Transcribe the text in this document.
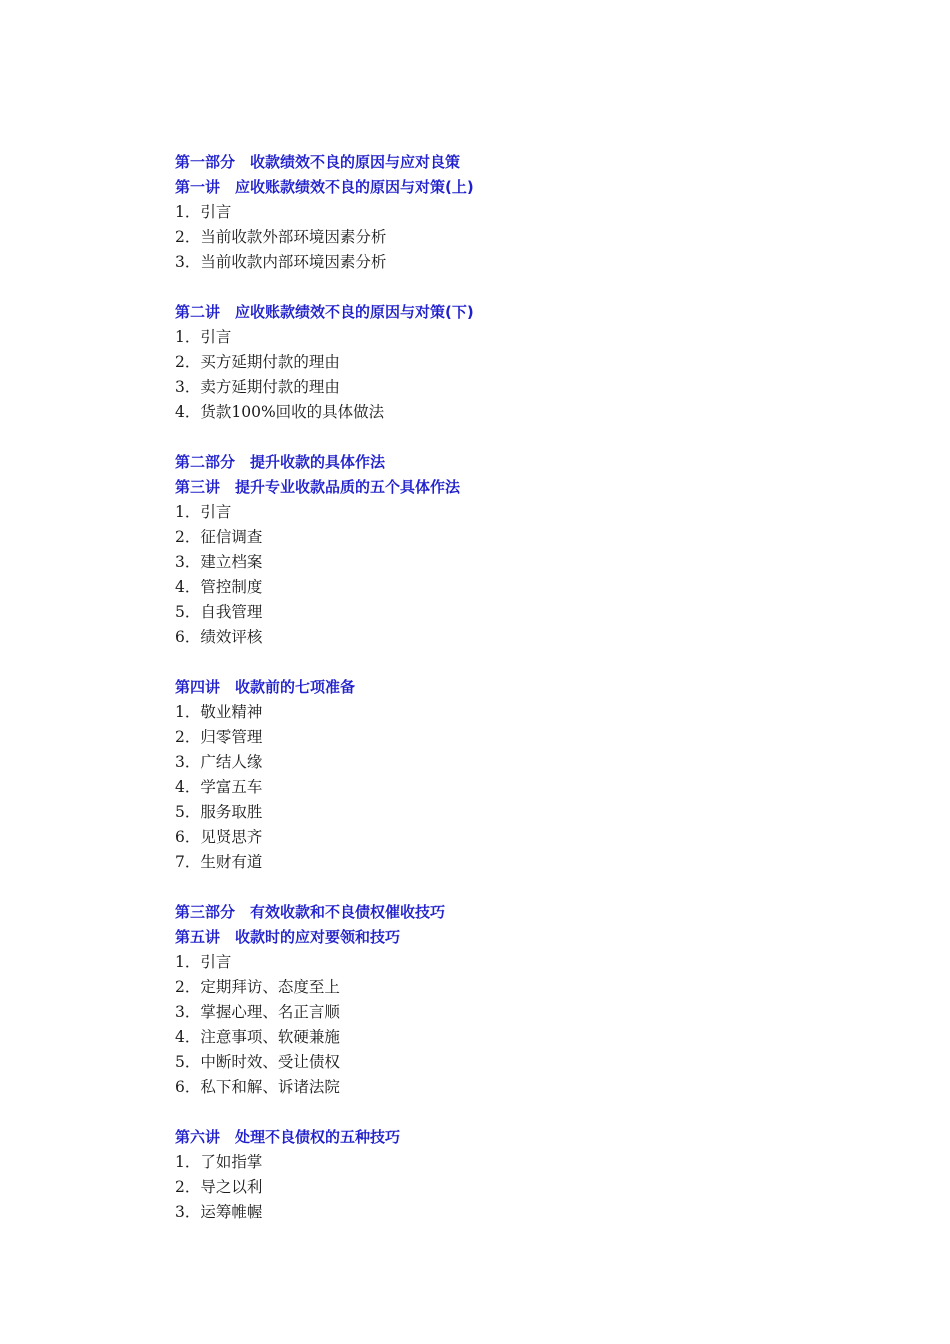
第一部分　收款绩效不良的原因与应对良策
第一讲　应收账款绩效不良的原因与对策(上)
1．引言
2．当前收款外部环境因素分析
3．当前收款内部环境因素分析
第二讲　应收账款绩效不良的原因与对策(下)
1．引言
2．买方延期付款的理由
3．卖方延期付款的理由
4．货款100%回收的具体做法
第二部分　提升收款的具体作法
第三讲　提升专业收款品质的五个具体作法
1．引言
2．征信调查
3．建立档案
4．管控制度
5．自我管理
6．绩效评核
第四讲　收款前的七项准备
1．敬业精神
2．归零管理
3．广结人缘
4．学富五车
5．服务取胜
6．见贤思齐
7．生财有道
第三部分　有效收款和不良债权催收技巧
第五讲　收款时的应对要领和技巧
1．引言
2．定期拜访、态度至上
3．掌握心理、名正言顺
4．注意事项、软硬兼施
5．中断时效、受让债权
6．私下和解、诉诸法院
第六讲　处理不良债权的五种技巧
1．了如指掌
2．导之以利
3．运筹帷幄
